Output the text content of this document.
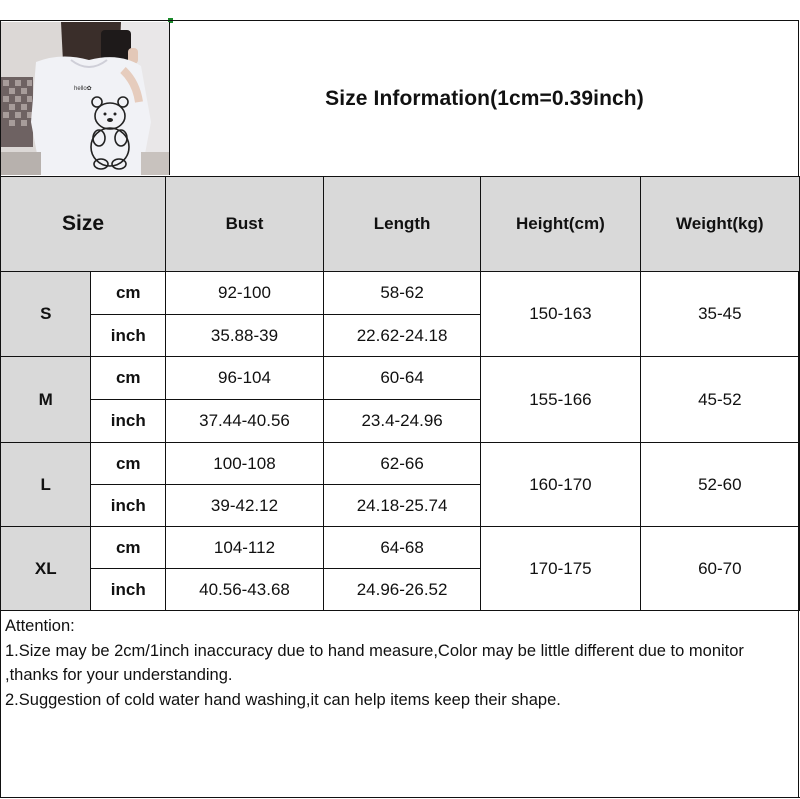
hello✿	Size Information(1cm=0.39inch)
Size		Bust	Length	Height(cm)	Weight(kg)
S	cm	92-100	58-62	150-163	35-45
	inch	35.88-39	22.62-24.18		
M	cm	96-104	60-64	155-166	45-52
	inch	37.44-40.56	23.4-24.96		
L	cm	100-108	62-66	160-170	52-60
	inch	39-42.12	24.18-25.74		
XL	cm	104-112	64-68	170-175	60-70
	inch	40.56-43.68	24.96-26.52		

Attention:

1.Size may be 2cm/1inch inaccuracy due to hand measure,Color may be little different due to monitor ,thanks for your understanding.

2.Suggestion of cold water hand washing,it can help items keep their shape.
